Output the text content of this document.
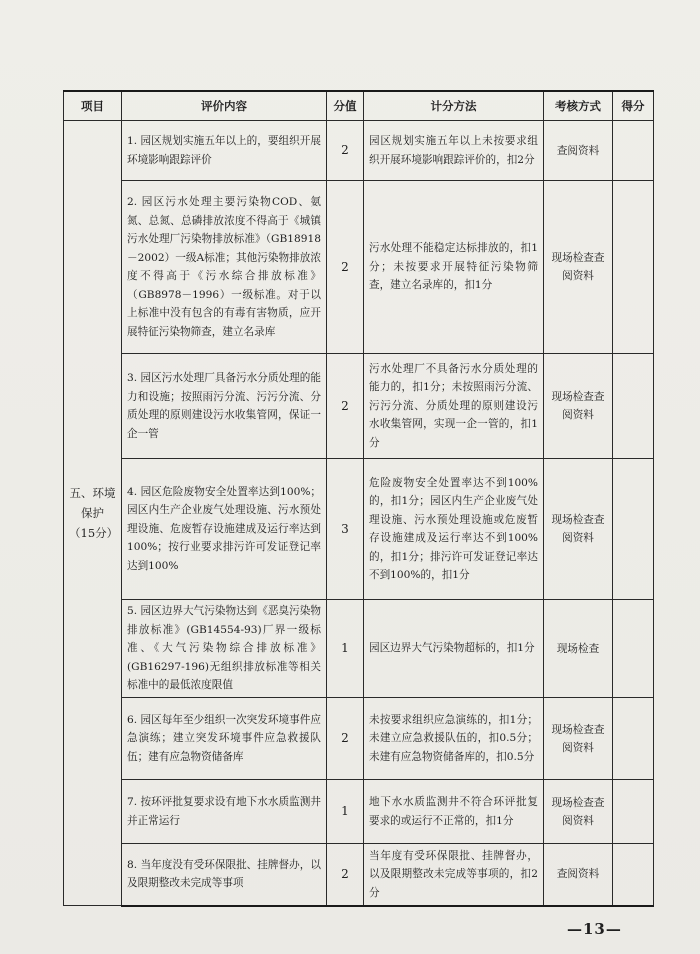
项目	评价内容	分值	计分方法	考核方式	得分

五、环境
保护
（15分）	1. 园区规划实施五年以上的，要组织开展环境影响跟踪评价	2	园区规划实施五年以上未按要求组织开展环境影响跟踪评价的，扣2分	查阅资料	
	2. 园区污水处理主要污染物COD、氨氮、总氮、总磷排放浓度不得高于《城镇污水处理厂污染物排放标准》（GB18918－2002）一级A标准；其他污染物排放浓度不得高于《污水综合排放标准》（GB8978－1996）一级标准。对于以上标准中没有包含的有毒有害物质，应开展特征污染物筛查，建立名录库	2	污水处理不能稳定达标排放的，扣1分；未按要求开展特征污染物筛查，建立名录库的，扣1分	现场检查查阅资料	
	3. 园区污水处理厂具备污水分质处理的能力和设施；按照雨污分流、污污分流、分质处理的原则建设污水收集管网，保证一企一管	2	污水处理厂不具备污水分质处理的能力的，扣1分；未按照雨污分流、污污分流、分质处理的原则建设污水收集管网，实现一企一管的，扣1分	现场检查查阅资料	
	4. 园区危险废物安全处置率达到100%；园区内生产企业废气处理设施、污水预处理设施、危废暂存设施建成及运行率达到100%；按行业要求排污许可发证登记率达到100%	3	危险废物安全处置率达不到100%的，扣1分；园区内生产企业废气处理设施、污水预处理设施或危废暂存设施建成及运行率达不到100%的，扣1分；排污许可发证登记率达不到100%的，扣1分	现场检查查阅资料	
	5. 园区边界大气污染物达到《恶臭污染物排放标准》(GB14554-93)厂界一级标准、《大气污染物综合排放标准》(GB16297-196)无组织排放标准等相关标准中的最低浓度限值	1	园区边界大气污染物超标的，扣1分	现场检查	
	6. 园区每年至少组织一次突发环境事件应急演练；建立突发环境事件应急救援队伍；建有应急物资储备库	2	未按要求组织应急演练的，扣1分；未建立应急救援队伍的，扣0.5分；未建有应急物资储备库的，扣0.5分	现场检查查阅资料	
	7. 按环评批复要求设有地下水水质监测井并正常运行	1	地下水水质监测井不符合环评批复要求的或运行不正常的，扣1分	现场检查查阅资料	
	8. 当年度没有受环保限批、挂牌督办，以及限期整改未完成等事项	2	当年度有受环保限批、挂牌督办，以及限期整改未完成等事项的，扣2分	查阅资料	
—13—
